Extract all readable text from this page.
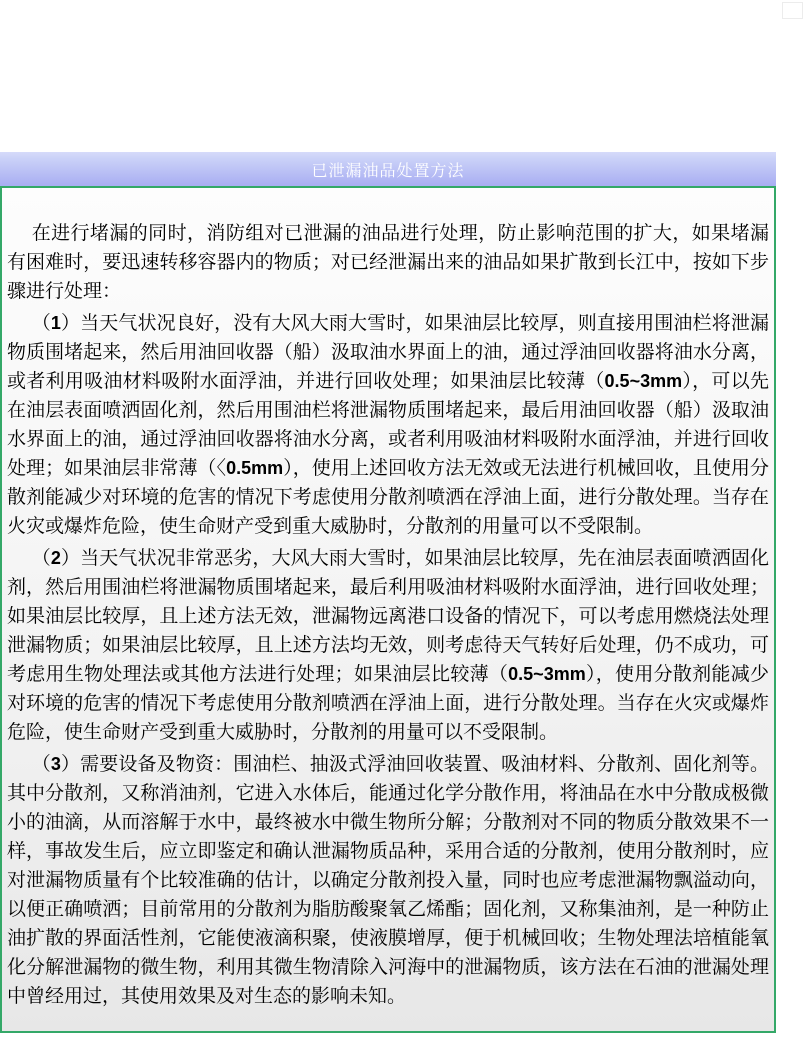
已泄漏油品处置方法

在进行堵漏的同时，消防组对已泄漏的油品进行处理，防止影响范围的扩大，如果堵漏有困难时，要迅速转移容器内的物质；对已经泄漏出来的油品如果扩散到长江中，按如下步骤进行处理：

（1）当天气状况良好，没有大风大雨大雪时，如果油层比较厚，则直接用围油栏将泄漏物质围堵起来，然后用油回收器（船）汲取油水界面上的油，通过浮油回收器将油水分离，或者利用吸油材料吸附水面浮油，并进行回收处理；如果油层比较薄（0.5~3mm），可以先在油层表面喷洒固化剂，然后用围油栏将泄漏物质围堵起来，最后用油回收器（船）汲取油水界面上的油，通过浮油回收器将油水分离，或者利用吸油材料吸附水面浮油，并进行回收处理；如果油层非常薄（〈0.5mm），使用上述回收方法无效或无法进行机械回收，且使用分散剂能减少对环境的危害的情况下考虑使用分散剂喷洒在浮油上面，进行分散处理。当存在火灾或爆炸危险，使生命财产受到重大威胁时，分散剂的用量可以不受限制。

（2）当天气状况非常恶劣，大风大雨大雪时，如果油层比较厚，先在油层表面喷洒固化剂，然后用围油栏将泄漏物质围堵起来，最后利用吸油材料吸附水面浮油，进行回收处理；如果油层比较厚，且上述方法无效，泄漏物远离港口设备的情况下，可以考虑用燃烧法处理泄漏物质；如果油层比较厚，且上述方法均无效，则考虑待天气转好后处理，仍不成功，可考虑用生物处理法或其他方法进行处理；如果油层比较薄（0.5~3mm），使用分散剂能减少对环境的危害的情况下考虑使用分散剂喷洒在浮油上面，进行分散处理。当存在火灾或爆炸危险，使生命财产受到重大威胁时，分散剂的用量可以不受限制。

（3）需要设备及物资：围油栏、抽汲式浮油回收装置、吸油材料、分散剂、固化剂等。其中分散剂，又称消油剂，它进入水体后，能通过化学分散作用，将油品在水中分散成极微小的油滴，从而溶解于水中，最终被水中微生物所分解；分散剂对不同的物质分散效果不一样，事故发生后，应立即鉴定和确认泄漏物质品种，采用合适的分散剂，使用分散剂时，应对泄漏物质量有个比较准确的估计，以确定分散剂投入量，同时也应考虑泄漏物飘溢动向，以便正确喷洒；目前常用的分散剂为脂肪酸聚氧乙烯酯；固化剂，又称集油剂，是一种防止油扩散的界面活性剂，它能使液滴积聚，使液膜增厚，便于机械回收；生物处理法培植能氧化分解泄漏物的微生物，利用其微生物清除入河海中的泄漏物质，该方法在石油的泄漏处理中曾经用过，其使用效果及对生态的影响未知。
